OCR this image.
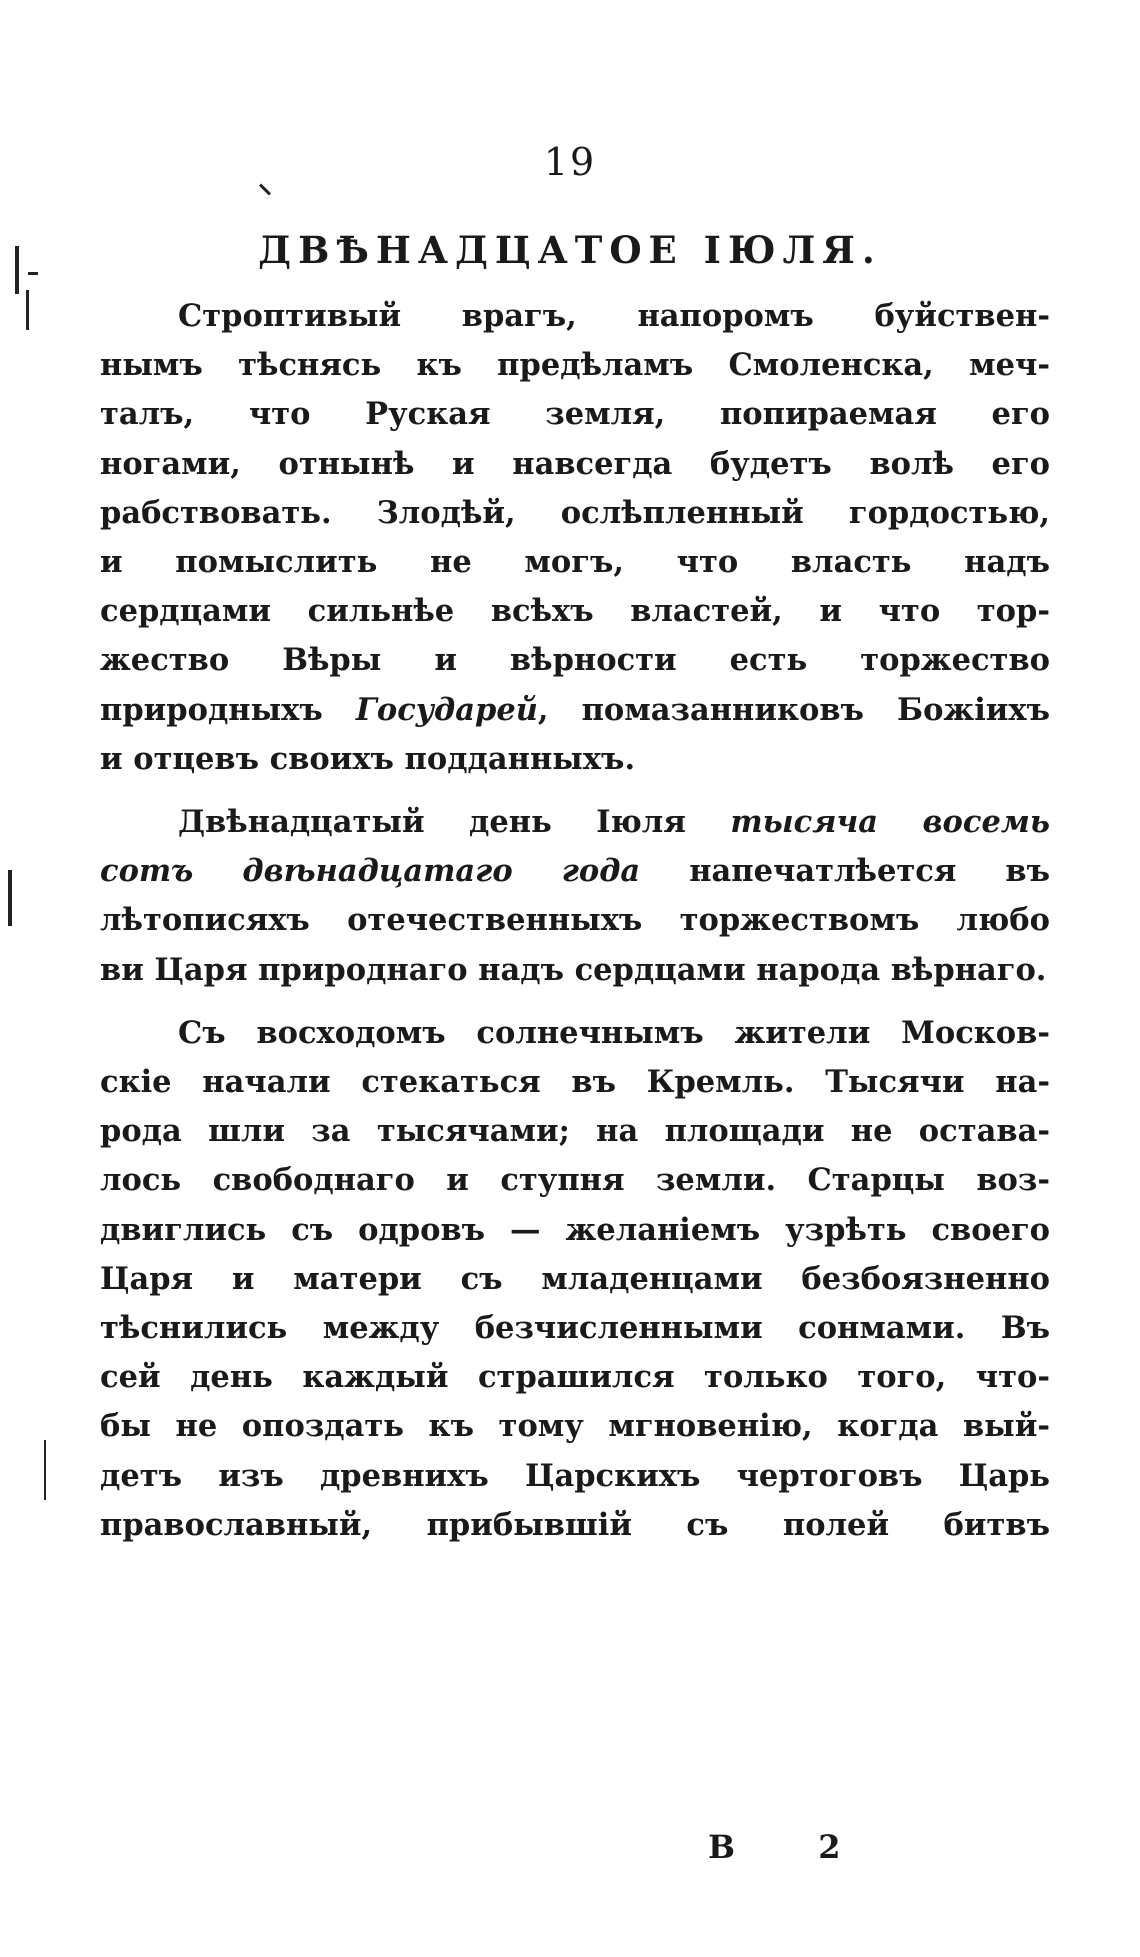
19
ДВѢНАДЦАТОЕ ІЮЛЯ.
Строптивый врагъ, напоромъ буйствен-
нымъ тѣснясь къ предѣламъ Смоленска, меч-
талъ, что Руская земля, попираемая его
ногами, отнынѣ и навсегда будетъ волѣ его
рабствовать. Злодѣй, ослѣпленный гордостью,
и помыслить не могъ, что власть надъ
сердцами сильнѣе всѣхъ властей, и что тор-
жество Вѣры и вѣрности есть торжество
природныхъ Государей, помазанниковъ Божіихъ
и отцевъ своихъ подданныхъ.
Двѣнадцатый день Іюля тысяча восемь
сотъ двѣнадцатаго года напечатлѣется въ
лѣтописяхъ отечественныхъ торжествомъ любо
ви Царя природнаго надъ сердцами народа вѣрнаго.
Съ восходомъ солнечнымъ жители Москов-
скіе начали стекаться въ Кремль. Тысячи на-
рода шли за тысячами; на площади не остава-
лось свободнаго и ступня земли. Старцы воз-
двиглись съ одровъ — желаніемъ узрѣть своего
Царя и матери съ младенцами безбоязненно
тѣснились между безчисленными сонмами. Въ
сей день каждый страшился только того, что-
бы не опоздать къ тому мгновенію, когда вый-
детъ изъ древнихъ Царскихъ чертоговъ Царь
православный, прибывшій съ полей битвъ
В 2
